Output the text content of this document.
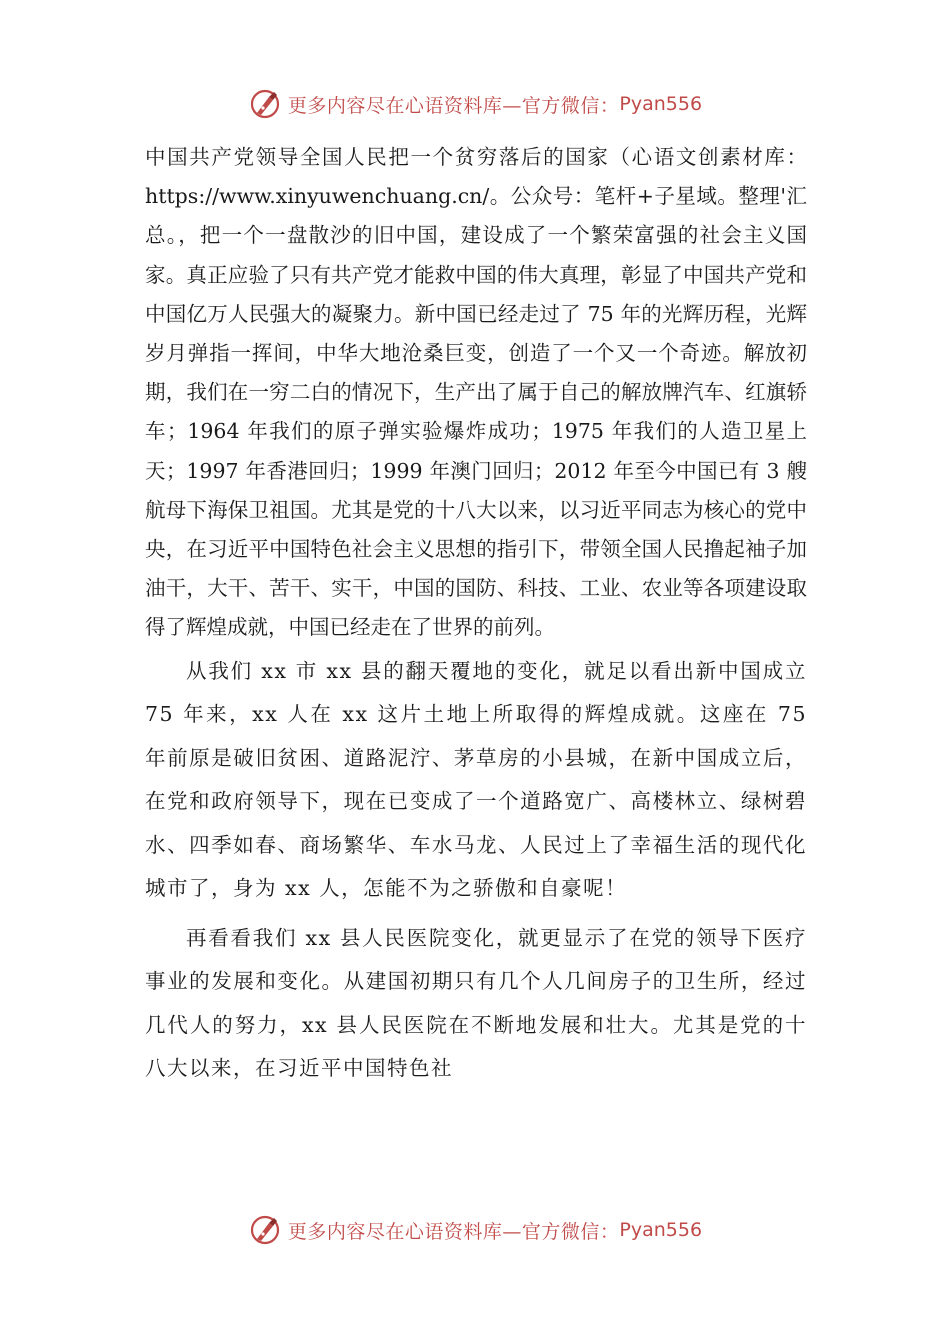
更多内容尽在心语资料库—官方微信： Pyan556

中国共产党领导全国人民把一个贫穷落后的国家（心语文创素材库：https://www.xinyuwenchuang.cn/。公众号：笔杆+子星域。整理'汇总。，把一个一盘散沙的旧中国，建设成了一个繁荣富强的社会主义国家。真正应验了只有共产党才能救中国的伟大真理，彰显了中国共产党和中国亿万人民强大的凝聚力。新中国已经走过了 75 年的光辉历程，光辉岁月弹指一挥间，中华大地沧桑巨变，创造了一个又一个奇迹。解放初期，我们在一穷二白的情况下，生产出了属于自己的解放牌汽车、红旗轿车；1964 年我们的原子弹实验爆炸成功；1975 年我们的人造卫星上天；1997 年香港回归；1999 年澳门回归；2012 年至今中国已有 3 艘航母下海保卫祖国。尤其是党的十八大以来，以习近平同志为核心的党中央，在习近平中国特色社会主义思想的指引下，带领全国人民撸起袖子加油干，大干、苦干、实干，中国的国防、科技、工业、农业等各项建设取得了辉煌成就，中国已经走在了世界的前列。

从我们 xx 市 xx 县的翻天覆地的变化，就足以看出新中国成立 75 年来，xx 人在 xx 这片土地上所取得的辉煌成就。这座在 75 年前原是破旧贫困、道路泥泞、茅草房的小县城，在新中国成立后，在党和政府领导下，现在已变成了一个道路宽广、高楼林立、绿树碧水、四季如春、商场繁华、车水马龙、人民过上了幸福生活的现代化城市了，身为 xx 人，怎能不为之骄傲和自豪呢！

再看看我们 xx 县人民医院变化，就更显示了在党的领导下医疗事业的发展和变化。从建国初期只有几个人几间房子的卫生所，经过几代人的努力，xx 县人民医院在不断地发展和壮大。尤其是党的十八大以来，在习近平中国特色社

更多内容尽在心语资料库—官方微信： Pyan556
